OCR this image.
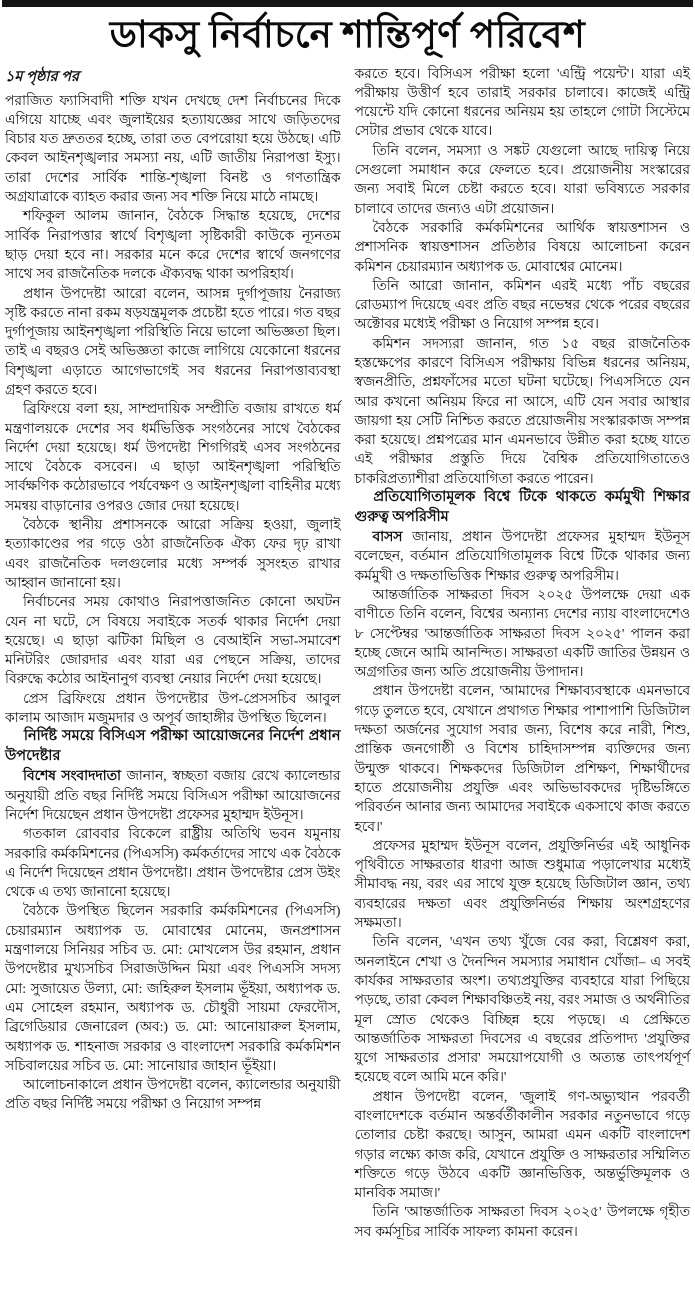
ডাকসু নির্বাচনে শান্তিপূর্ণ পরিবেশ
১ম পৃষ্ঠার পর

পরাজিত ফ্যাসিবাদী শক্তি যখন দেখছে দেশ নির্বাচনের দিকে এগিয়ে যাচ্ছে এবং জুলাইয়ের হত্যাযজ্ঞের সাথে জড়িতদের বিচার যত দ্রুততর হচ্ছে, তারা তত বেপরোয়া হয়ে উঠছে। এটি কেবল আইনশৃঙ্খলার সমস্যা নয়, এটি জাতীয় নিরাপত্তা ইস্যু। তারা দেশের সার্বিক শান্তি-শৃঙ্খলা বিনষ্ট ও গণতান্ত্রিক অগ্রযাত্রাকে ব্যাহত করার জন্য সব শক্তি নিয়ে মাঠে নামছে।

শফিকুল আলম জানান, বৈঠকে সিদ্ধান্ত হয়েছে, দেশের সার্বিক নিরাপত্তার স্বার্থে বিশৃঙ্খলা সৃষ্টিকারী কাউকে ন্যূনতম ছাড় দেয়া হবে না। সরকার মনে করে দেশের স্বার্থে জনগণের সাথে সব রাজনৈতিক দলকে ঐক্যবদ্ধ থাকা অপরিহার্য।

প্রধান উপদেষ্টা আরো বলেন, আসন্ন দুর্গাপূজায় নৈরাজ্য সৃষ্টি করতে নানা রকম ষড়যন্ত্রমূলক প্রচেষ্টা হতে পারে। গত বছর দুর্গাপূজায় আইনশৃঙ্খলা পরিস্থিতি নিয়ে ভালো অভিজ্ঞতা ছিল। তাই এ বছরও সেই অভিজ্ঞতা কাজে লাগিয়ে যেকোনো ধরনের বিশৃঙ্খলা এড়াতে আগেভাগেই সব ধরনের নিরাপত্তাব্যবস্থা গ্রহণ করতে হবে।

ব্রিফিংয়ে বলা হয়, সাম্প্রদায়িক সম্প্রীতি বজায় রাখতে ধর্ম মন্ত্রণালয়কে দেশের সব ধর্মভিত্তিক সংগঠনের সাথে বৈঠকের নির্দেশ দেয়া হয়েছে। ধর্ম উপদেষ্টা শিগগিরই এসব সংগঠনের সাথে বৈঠকে বসবেন। এ ছাড়া আইনশৃঙ্খলা পরিস্থিতি সার্বক্ষণিক কঠোরভাবে পর্যবেক্ষণ ও আইনশৃঙ্খলা বাহিনীর মধ্যে সমন্বয় বাড়ানোর ওপরও জোর দেয়া হয়েছে।

বৈঠকে স্থানীয় প্রশাসনকে আরো সক্রিয় হওয়া, জুলাই হত্যাকাণ্ডের পর গড়ে ওঠা রাজনৈতিক ঐক্য ফের দৃঢ় রাখা এবং রাজনৈতিক দলগুলোর মধ্যে সম্পর্ক সুসংহত রাখার আহ্বান জানানো হয়।

নির্বাচনের সময় কোথাও নিরাপত্তাজনিত কোনো অঘটন যেন না ঘটে, সে বিষয়ে সবাইকে সতর্ক থাকার নির্দেশ দেয়া হয়েছে। এ ছাড়া ঝটিকা মিছিল ও বেআইনি সভা-সমাবেশ মনিটরিং জোরদার এবং যারা এর পেছনে সক্রিয়, তাদের বিরুদ্ধে কঠোর আইনানুগ ব্যবস্থা নেয়ার নির্দেশ দেয়া হয়েছে।

প্রেস ব্রিফিংয়ে প্রধান উপদেষ্টার উপ-প্রেসসচিব আবুল কালাম আজাদ মজুমদার ও অপূর্ব জাহাঙ্গীর উপস্থিত ছিলেন।

নির্দিষ্ট সময়ে বিসিএস পরীক্ষা আয়োজনের নির্দেশ প্রধান উপদেষ্টার

বিশেষ সংবাদদাতা জানান, স্বচ্ছতা বজায় রেখে ক্যালেন্ডার অনুযায়ী প্রতি বছর নির্দিষ্ট সময়ে বিসিএস পরীক্ষা আয়োজনের নির্দেশ দিয়েছেন প্রধান উপদেষ্টা প্রফেসর মুহাম্মদ ইউনূস।

গতকাল রোববার বিকেলে রাষ্ট্রীয় অতিথি ভবন যমুনায় সরকারি কর্মকমিশনের (পিএসসি) কর্মকর্তাদের সাথে এক বৈঠকে এ নির্দেশ দিয়েছেন প্রধান উপদেষ্টা। প্রধান উপদেষ্টার প্রেস উইং থেকে এ তথ্য জানানো হয়েছে।

বৈঠকে উপস্থিত ছিলেন সরকারি কর্মকমিশনের (পিএসসি) চেয়ারম্যান অধ্যাপক ড. মোবাশ্বের মোনেম, জনপ্রশাসন মন্ত্রণালয়ে সিনিয়র সচিব ড. মো: মোখলেস উর রহমান, প্রধান উপদেষ্টার মুখ্যসচিব সিরাজউদ্দিন মিয়া এবং পিএসসি সদস্য মো: সুজায়েত উল্যা, মো: জহিরুল ইসলাম ভূঁইয়া, অধ্যাপক ড. এম সোহেল রহমান, অধ্যাপক ড. চৌধুরী সায়মা ফেরদৌস, ব্রিগেডিয়ার জেনারেল (অব:) ড. মো: আনোয়ারুল ইসলাম, অধ্যাপক ড. শাহনাজ সরকার ও বাংলাদেশ সরকারি কর্মকমিশন সচিবালয়ের সচিব ড. মো: সানোয়ার জাহান ভূঁইয়া।

আলোচনাকালে প্রধান উপদেষ্টা বলেন, ক্যালেন্ডার অনুযায়ী প্রতি বছর নির্দিষ্ট সময়ে পরীক্ষা ও নিয়োগ সম্পন্ন

করতে হবে। বিসিএস পরীক্ষা হলো 'এন্ট্রি পয়েন্ট'। যারা এই পরীক্ষায় উত্তীর্ণ হবে তারাই সরকার চালাবে। কাজেই এন্ট্রি পয়েন্টে যদি কোনো ধরনের অনিয়ম হয় তাহলে গোটা সিস্টেমে সেটার প্রভাব থেকে যাবে।

তিনি বলেন, সমস্যা ও সঙ্কট যেগুলো আছে দায়িত্ব নিয়ে সেগুলো সমাধান করে ফেলতে হবে। প্রয়োজনীয় সংস্কারের জন্য সবাই মিলে চেষ্টা করতে হবে। যারা ভবিষ্যতে সরকার চালাবে তাদের জন্যও এটা প্রয়োজন।

বৈঠকে সরকারি কর্মকমিশনের আর্থিক স্বায়ত্তশাসন ও প্রশাসনিক স্বায়ত্তশাসন প্রতিষ্ঠার বিষয়ে আলোচনা করেন কমিশন চেয়ারম্যান অধ্যাপক ড. মোবাশ্বের মোনেম।

তিনি আরো জানান, কমিশন এরই মধ্যে পাঁচ বছরের রোডম্যাপ দিয়েছে এবং প্রতি বছর নভেম্বর থেকে পরের বছরের অক্টোবর মধ্যেই পরীক্ষা ও নিয়োগ সম্পন্ন হবে।

কমিশন সদস্যরা জানান, গত ১৫ বছর রাজনৈতিক হস্তক্ষেপের কারণে বিসিএস পরীক্ষায় বিভিন্ন ধরনের অনিয়ম, স্বজনপ্রীতি, প্রশ্নফাঁসের মতো ঘটনা ঘটেছে। পিএসসিতে যেন আর কখনো অনিয়ম ফিরে না আসে, এটি যেন সবার আস্থার জায়গা হয় সেটি নিশ্চিত করতে প্রয়োজনীয় সংস্কারকাজ সম্পন্ন করা হয়েছে। প্রশ্নপত্রের মান এমনভাবে উন্নীত করা হচ্ছে যাতে এই পরীক্ষার প্রস্তুতি দিয়ে বৈশ্বিক প্রতিযোগিতাতেও চাকরিপ্রত্যাশীরা প্রতিযোগিতা করতে পারেন।

প্রতিযোগিতামূলক বিশ্বে টিকে থাকতে কর্মমুখী শিক্ষার গুরুত্ব অপরিসীম

বাসস জানায়, প্রধান উপদেষ্টা প্রফেসর মুহাম্মদ ইউনূস বলেছেন, বর্তমান প্রতিযোগিতামূলক বিশ্বে টিকে থাকার জন্য কর্মমুখী ও দক্ষতাভিত্তিক শিক্ষার গুরুত্ব অপরিসীম।

আন্তর্জাতিক সাক্ষরতা দিবস ২০২৫ উপলক্ষে দেয়া এক বাণীতে তিনি বলেন, বিশ্বের অন্যান্য দেশের ন্যায় বাংলাদেশেও ৮ সেপ্টেম্বর 'আন্তর্জাতিক সাক্ষরতা দিবস ২০২৫' পালন করা হচ্ছে জেনে আমি আনন্দিত। সাক্ষরতা একটি জাতির উন্নয়ন ও অগ্রগতির জন্য অতি প্রয়োজনীয় উপাদান।

প্রধান উপদেষ্টা বলেন, 'আমাদের শিক্ষাব্যবস্থাকে এমনভাবে গড়ে তুলতে হবে, যেখানে প্রথাগত শিক্ষার পাশাপাশি ডিজিটাল দক্ষতা অর্জনের সুযোগ সবার জন্য, বিশেষ করে নারী, শিশু, প্রান্তিক জনগোষ্ঠী ও বিশেষ চাহিদাসম্পন্ন ব্যক্তিদের জন্য উন্মুক্ত থাকবে। শিক্ষকদের ডিজিটাল প্রশিক্ষণ, শিক্ষার্থীদের হাতে প্রয়োজনীয় প্রযুক্তি এবং অভিভাবকদের দৃষ্টিভঙ্গিতে পরিবর্তন আনার জন্য আমাদের সবাইকে একসাথে কাজ করতে হবে।'

প্রফেসর মুহাম্মদ ইউনূস বলেন, প্রযুক্তিনির্ভর এই আধুনিক পৃথিবীতে সাক্ষরতার ধারণা আজ শুধুমাত্র পড়ালেখার মধ্যেই সীমাবদ্ধ নয়, বরং এর সাথে যুক্ত হয়েছে ডিজিটাল জ্ঞান, তথ্য ব্যবহারের দক্ষতা এবং প্রযুক্তিনির্ভর শিক্ষায় অংশগ্রহণের সক্ষমতা।

তিনি বলেন, 'এখন তথ্য খুঁজে বের করা, বিশ্লেষণ করা, অনলাইনে শেখা ও দৈনন্দিন সমস্যার সমাধান খোঁজা– এ সবই কার্যকর সাক্ষরতার অংশ। তথ্যপ্রযুক্তির ব্যবহারে যারা পিছিয়ে পড়ছে, তারা কেবল শিক্ষাবঞ্চিতই নয়, বরং সমাজ ও অর্থনীতির মূল স্রোত থেকেও বিচ্ছিন্ন হয়ে পড়ছে। এ প্রেক্ষিতে আন্তর্জাতিক সাক্ষরতা দিবসের এ বছরের প্রতিপাদ্য 'প্রযুক্তির যুগে সাক্ষরতার প্রসার' সময়োপযোগী ও অত্যন্ত তাৎপর্যপূর্ণ হয়েছে বলে আমি মনে করি।'

প্রধান উপদেষ্টা বলেন, 'জুলাই গণ-অভ্যুত্থান পরবর্তী বাংলাদেশকে বর্তমান অন্তর্বর্তীকালীন সরকার নতুনভাবে গড়ে তোলার চেষ্টা করছে। আসুন, আমরা এমন একটি বাংলাদেশ গড়ার লক্ষ্যে কাজ করি, যেখানে প্রযুক্তি ও সাক্ষরতার সম্মিলিত শক্তিতে গড়ে উঠবে একটি জ্ঞানভিত্তিক, অন্তর্ভুক্তিমূলক ও মানবিক সমাজ।'

তিনি 'আন্তর্জাতিক সাক্ষরতা দিবস ২০২৫' উপলক্ষে গৃহীত সব কর্মসূচির সার্বিক সাফল্য কামনা করেন।
